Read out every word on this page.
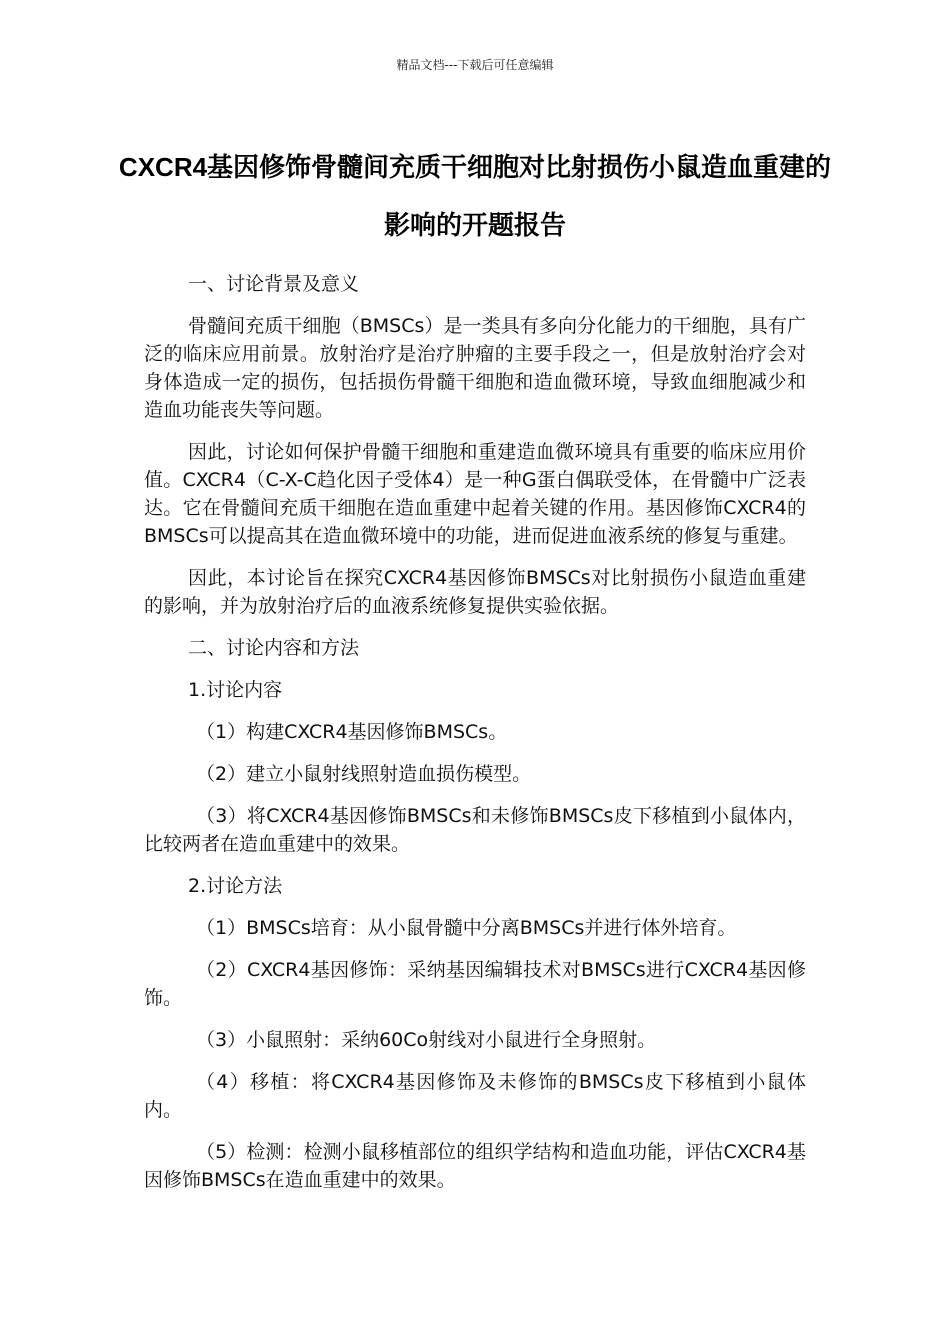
精品文档---下载后可任意编辑
CXCR4基因修饰骨髓间充质干细胞对比射损伤小鼠造血重建的影响的开题报告

一、讨论背景及意义

骨髓间充质干细胞（BMSCs）是一类具有多向分化能力的干细胞，具有广泛的临床应用前景。放射治疗是治疗肿瘤的主要手段之一，但是放射治疗会对身体造成一定的损伤，包括损伤骨髓干细胞和造血微环境，导致血细胞减少和造血功能丧失等问题。

因此，讨论如何保护骨髓干细胞和重建造血微环境具有重要的临床应用价值。CXCR4（C-X-C趋化因子受体4）是一种G蛋白偶联受体，在骨髓中广泛表达。它在骨髓间充质干细胞在造血重建中起着关键的作用。基因修饰CXCR4的BMSCs可以提高其在造血微环境中的功能，进而促进血液系统的修复与重建。

因此，本讨论旨在探究CXCR4基因修饰BMSCs对比射损伤小鼠造血重建的影响，并为放射治疗后的血液系统修复提供实验依据。

二、讨论内容和方法

1.讨论内容

（1）构建CXCR4基因修饰BMSCs。

（2）建立小鼠射线照射造血损伤模型。

（3）将CXCR4基因修饰BMSCs和未修饰BMSCs皮下移植到小鼠体内，比较两者在造血重建中的效果。

2.讨论方法

（1）BMSCs培育：从小鼠骨髓中分离BMSCs并进行体外培育。

（2）CXCR4基因修饰：采纳基因编辑技术对BMSCs进行CXCR4基因修饰。

（3）小鼠照射：采纳60Co射线对小鼠进行全身照射。

（4）移植：将CXCR4基因修饰及未修饰的BMSCs皮下移植到小鼠体内。

（5）检测：检测小鼠移植部位的组织学结构和造血功能，评估CXCR4基因修饰BMSCs在造血重建中的效果。
